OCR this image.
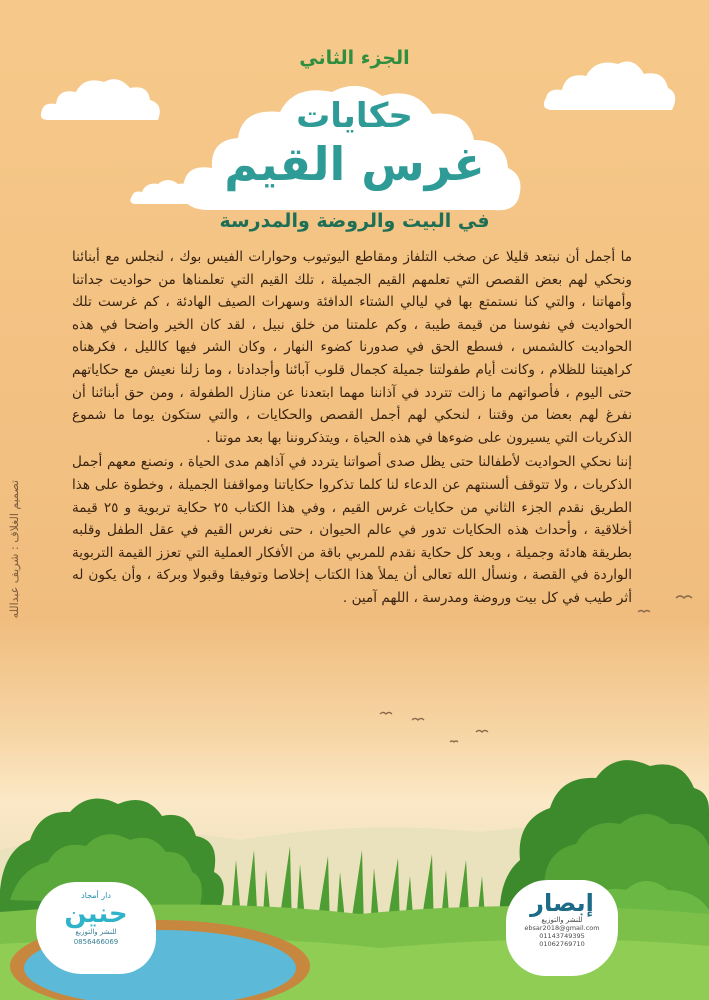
الجزء الثاني
حكايات
غرس القيم
في البيت والروضة والمدرسة

ما أجمل أن نبتعد قليلا عن صخب التلفاز ومقاطع اليوتيوب وحوارات الفيس بوك ، لنجلس مع أبنائنا ونحكي لهم بعض القصص التي تعلمهم القيم الجميلة ، تلك القيم التي تعلمناها من حواديت جداتنا وأمهاتنا ، والتي كنا نستمتع بها في ليالي الشتاء الدافئة وسهرات الصيف الهادئة ، كم غرست تلك الحواديت في نفوسنا من قيمة طيبة ، وكم علمتنا من خلق نبيل ، لقد كان الخير واضحا في هذه الحواديت كالشمس ، فسطع الحق في صدورنا كضوء النهار ، وكان الشر فيها كالليل ، فكرهناه كراهيتنا للظلام ، وكانت أيام طفولتنا جميلة كجمال قلوب آبائنا وأجدادنا ، وما زلنا نعيش مع حكاياتهم حتى اليوم ، فأصواتهم ما زالت تتردد في آذاننا مهما ابتعدنا عن منازل الطفولة ، ومن حق أبنائنا أن نفرغ لهم بعضا من وقتنا ، لنحكي لهم أجمل القصص والحكايات ، والتي ستكون يوما ما شموع الذكريات التي يسيرون على ضوءها في هذه الحياة ، ويتذكروننا بها بعد موتنا .

إننا نحكي الحواديت لأطفالنا حتى يظل صدى أصواتنا يتردد في آذاهم مدى الحياة ، ونصنع معهم أجمل الذكريات ، ولا تتوقف ألسنتهم عن الدعاء لنا كلما تذكروا حكاياتنا ومواقفنا الجميلة ، وخطوة على هذا الطريق نقدم الجزء الثاني من حكايات غرس القيم ، وفي هذا الكتاب ٢٥ حكاية تربوية و ٢٥ قيمة أخلاقية ، وأحداث هذه الحكايات تدور في عالم الحيوان ، حتى نغرس القيم في عقل الطفل وقلبه بطريقة هادئة وجميلة ، وبعد كل حكاية نقدم للمربي باقة من الأفكار العملية التي تعزز القيمة التربوية الواردة في القصة ، ونسأل الله تعالى أن يملأ هذا الكتاب إخلاصا وتوفيقا وقبولا وبركة ، وأن يكون له أثر طيب في كل بيت وروضة ومدرسة ، اللهم آمين .

تصميم الغلاف : شريف عبدالله
دار أمجاد
حنين
للنشر والتوزيع
0856466069
إبصار
للنشر والتوزيع
ebsar2018@gmail.com
01143749395
01062769710
